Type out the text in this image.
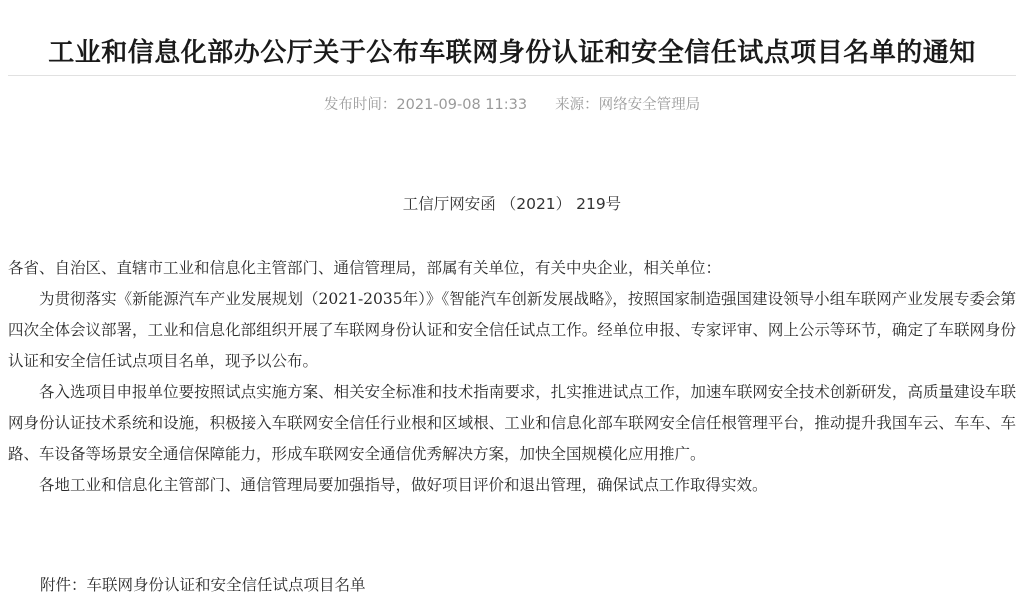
工业和信息化部办公厅关于公布车联网身份认证和安全信任试点项目名单的通知
发布时间：2021-09-08 11:33 来源：网络安全管理局
工信厅网安函 （2021） 219号

各省、自治区、直辖市工业和信息化主管部门、通信管理局，部属有关单位，有关中央企业，相关单位：

为贯彻落实《新能源汽车产业发展规划（2021-2035年）》《智能汽车创新发展战略》，按照国家制造强国建设领导小组车联网产业发展专委会第四次全体会议部署，工业和信息化部组织开展了车联网身份认证和安全信任试点工作。经单位申报、专家评审、网上公示等环节，确定了车联网身份认证和安全信任试点项目名单，现予以公布。

各入选项目申报单位要按照试点实施方案、相关安全标准和技术指南要求，扎实推进试点工作，加速车联网安全技术创新研发，高质量建设车联网身份认证技术系统和设施，积极接入车联网安全信任行业根和区域根、工业和信息化部车联网安全信任根管理平台，推动提升我国车云、车车、车路、车设备等场景安全通信保障能力，形成车联网安全通信优秀解决方案，加快全国规模化应用推广。

各地工业和信息化主管部门、通信管理局要加强指导，做好项目评价和退出管理，确保试点工作取得实效。

附件：车联网身份认证和安全信任试点项目名单
